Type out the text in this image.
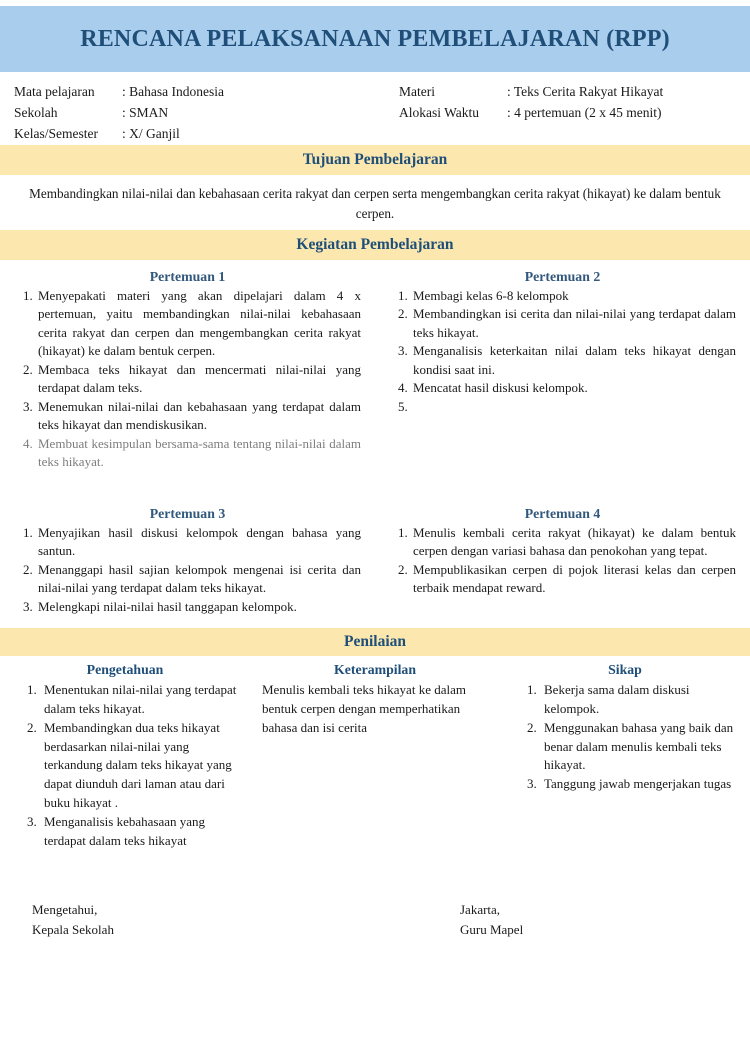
RENCANA PELAKSANAAN PEMBELAJARAN (RPP)
Mata pelajaran
Sekolah
Kelas/Semester
: Bahasa Indonesia
: SMAN
: X/ Ganjil
Materi
Alokasi Waktu
: Teks Cerita Rakyat Hikayat
: 4 pertemuan (2 x 45 menit)
Tujuan Pembelajaran
Membandingkan nilai-nilai dan kebahasaan cerita rakyat dan cerpen serta mengembangkan cerita rakyat (hikayat) ke dalam bentuk cerpen.
Kegiatan Pembelajaran
Pertemuan 1
1. Menyepakati materi yang akan dipelajari dalam 4 x pertemuan, yaitu membandingkan nilai-nilai kebahasaan cerita rakyat dan cerpen dan mengembangkan cerita rakyat (hikayat) ke dalam bentuk cerpen.
2. Membaca teks hikayat dan mencermati nilai-nilai yang terdapat dalam teks.
3. Menemukan nilai-nilai dan kebahasaan yang terdapat dalam teks hikayat dan mendiskusikan.
4. Membuat kesimpulan bersama-sama tentang nilai-nilai dalam teks hikayat.
Pertemuan 2
1. Membagi kelas 6-8 kelompok
2. Membandingkan isi cerita dan nilai-nilai yang terdapat dalam teks hikayat.
3. Menganalisis keterkaitan nilai dalam teks hikayat dengan kondisi saat ini.
4. Mencatat hasil diskusi kelompok.
5.
Pertemuan 3
1. Menyajikan hasil diskusi kelompok dengan bahasa yang santun.
2. Menanggapi hasil sajian kelompok mengenai isi cerita dan nilai-nilai yang terdapat dalam teks hikayat.
3. Melengkapi nilai-nilai hasil tanggapan kelompok.
Pertemuan 4
1. Menulis kembali cerita rakyat (hikayat) ke dalam bentuk cerpen dengan variasi bahasa dan penokohan yang tepat.
2. Mempublikasikan cerpen di pojok literasi kelas dan cerpen terbaik mendapat reward.
Penilaian
Pengetahuan
1. Menentukan nilai-nilai yang terdapat dalam teks hikayat.
2. Membandingkan dua teks hikayat berdasarkan nilai-nilai yang terkandung dalam teks hikayat yang dapat diunduh dari laman atau dari buku hikayat .
3. Menganalisis kebahasaan yang terdapat dalam teks hikayat
Keterampilan
Menulis kembali teks hikayat ke dalam bentuk cerpen dengan memperhatikan bahasa dan isi cerita
Sikap
1. Bekerja sama dalam diskusi kelompok.
2. Menggunakan bahasa yang baik dan benar dalam menulis kembali teks hikayat.
3. Tanggung jawab mengerjakan tugas
Mengetahui,
Kepala Sekolah
Jakarta,
Guru Mapel
